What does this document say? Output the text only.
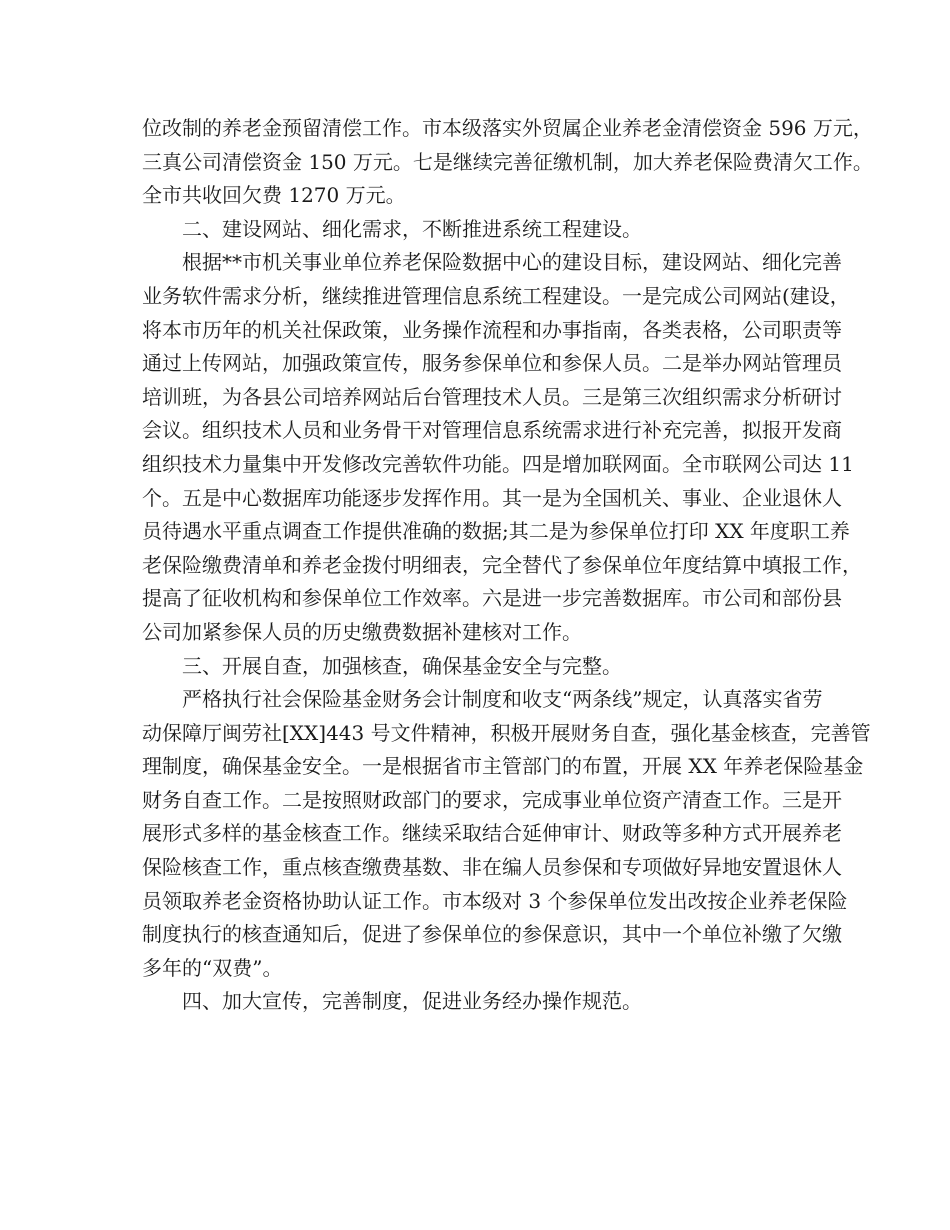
位改制的养老金预留清偿工作。市本级落实外贸属企业养老金清偿资金 596 万元，
三真公司清偿资金 150 万元。七是继续完善征缴机制，加大养老保险费清欠工作。
全市共收回欠费 1270 万元。
二、建设网站、细化需求，不断推进系统工程建设。
根据**市机关事业单位养老保险数据中心的建设目标，建设网站、细化完善
业务软件需求分析，继续推进管理信息系统工程建设。一是完成公司网站(建设，
将本市历年的机关社保政策，业务操作流程和办事指南，各类表格，公司职责等
通过上传网站，加强政策宣传，服务参保单位和参保人员。二是举办网站管理员
培训班，为各县公司培养网站后台管理技术人员。三是第三次组织需求分析研讨
会议。组织技术人员和业务骨干对管理信息系统需求进行补充完善，拟报开发商
组织技术力量集中开发修改完善软件功能。四是增加联网面。全市联网公司达 11
个。五是中心数据库功能逐步发挥作用。其一是为全国机关、事业、企业退休人
员待遇水平重点调查工作提供准确的数据;其二是为参保单位打印 XX 年度职工养
老保险缴费清单和养老金拨付明细表，完全替代了参保单位年度结算中填报工作，
提高了征收机构和参保单位工作效率。六是进一步完善数据库。市公司和部份县
公司加紧参保人员的历史缴费数据补建核对工作。
三、开展自查，加强核查，确保基金安全与完整。
严格执行社会保险基金财务会计制度和收支“两条线”规定，认真落实省劳
动保障厅闽劳社[XX]443 号文件精神，积极开展财务自查，强化基金核查，完善管
理制度，确保基金安全。一是根据省市主管部门的布置，开展 XX 年养老保险基金
财务自查工作。二是按照财政部门的要求，完成事业单位资产清查工作。三是开
展形式多样的基金核查工作。继续采取结合延伸审计、财政等多种方式开展养老
保险核查工作，重点核查缴费基数、非在编人员参保和专项做好异地安置退休人
员领取养老金资格协助认证工作。市本级对 3 个参保单位发出改按企业养老保险
制度执行的核查通知后，促进了参保单位的参保意识，其中一个单位补缴了欠缴
多年的“双费”。
四、加大宣传，完善制度，促进业务经办操作规范。
